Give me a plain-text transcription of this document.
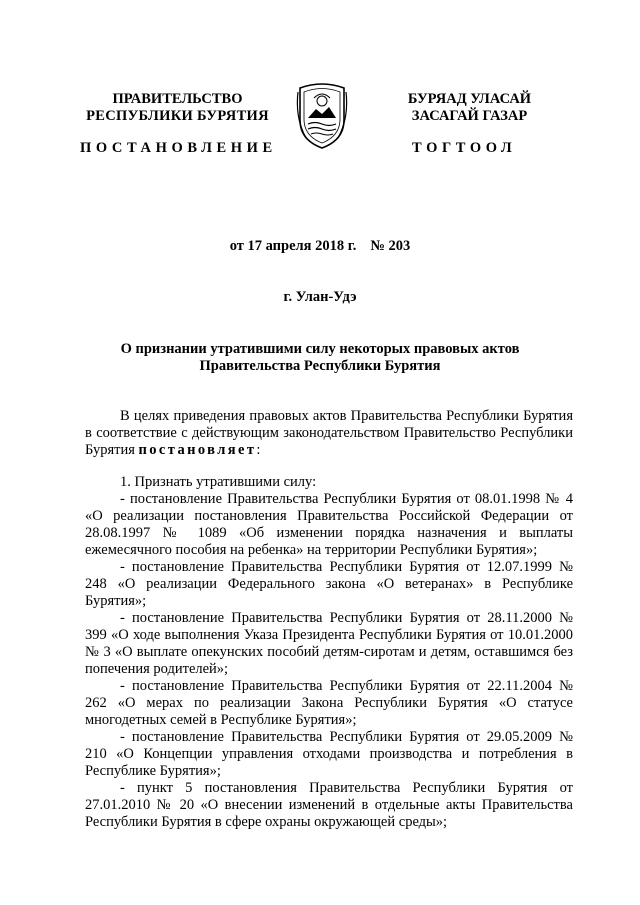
ПРАВИТЕЛЬСТВО
РЕСПУБЛИКИ БУРЯТИЯ
БУРЯАД УЛАСАЙ
ЗАСАГАЙ ГАЗАР
ПОСТАНОВЛЕНИЕ	ТОГТООЛ
от 17 апреля 2018 г. № 203
г. Улан-Удэ
О признании утратившими силу некоторых правовых актов
Правительства Республики Бурятия

В целях приведения правовых актов Правительства Республики Бурятия в соответствие с действующим законодательством Правительство Республики Бурятия постановляет:

1. Признать утратившими силу:

- постановление Правительства Республики Бурятия от 08.01.1998 № 4 «О реализации постановления Правительства Российской Федерации от 28.08.1997 № 1089 «Об изменении порядка назначения и выплаты ежемесячного пособия на ребенка» на территории Республики Бурятия»;

- постановление Правительства Республики Бурятия от 12.07.1999 № 248 «О реализации Федерального закона «О ветеранах» в Республике Бурятия»;

- постановление Правительства Республики Бурятия от 28.11.2000 № 399 «О ходе выполнения Указа Президента Республики Бурятия от 10.01.2000 № 3 «О выплате опекунских пособий детям-сиротам и детям, оставшимся без попечения родителей»;

- постановление Правительства Республики Бурятия от 22.11.2004 № 262 «О мерах по реализации Закона Республики Бурятия «О статусе многодетных семей в Республике Бурятия»;

- постановление Правительства Республики Бурятия от 29.05.2009 № 210 «О Концепции управления отходами производства и потребления в Республике Бурятия»;

- пункт 5 постановления Правительства Республики Бурятия от 27.01.2010 № 20 «О внесении изменений в отдельные акты Правительства Республики Бурятия в сфере охраны окружающей среды»;
